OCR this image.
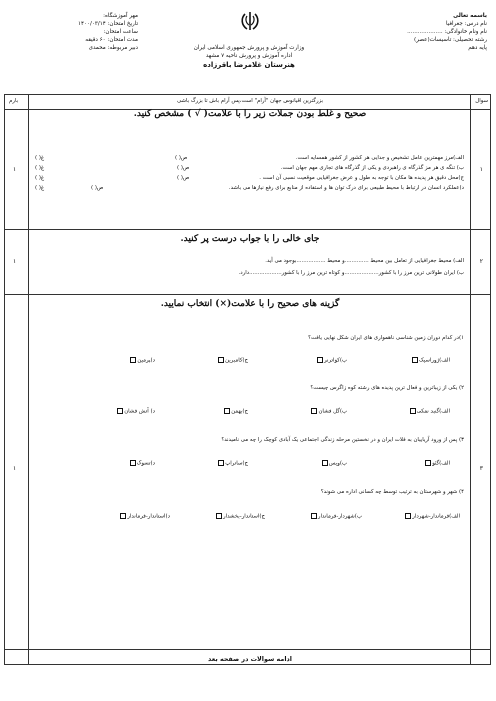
باسمه تعالی
نام درس: جغرافیا
نام ونام خانوادگی: ....................
رشته تحصیلی: تاسیسات(عصر)
پایه دهم
وزارت آموزش و پرورش جمهوری اسلامی ایران
اداره آموزش و پرورش ناحیه ۷ مشهد
هنرستان غلامرضا باقرزاده
مهر آموزشگاه:
تاریخ امتحان: ۱۴۰۰/۰۳/۱۴
ساعت امتحان:
مدت امتحان: ۶۰ دقیقه
دبیر مربوطه: محمدی
سوال
بارم	بزرگترین اقیانوس جهان "آرام" است،پس آرام باش تا بزرگ باشی
صحیح و غلط بودن جملات زیر را با علامت( √ ) مشخص کنید.
۱
۱
الف)مرز مهمترین عامل تشخیص و جدایی هر کشور از کشور همسایه است.
ب) تنگه ی هر مز گذرگاه ی راهبردی و یکی از گذرگاه های تجاری مهم جهان است.
ج)محل دقیق هر پدیده ها مکان با توجه به طول و عرض جغرافیایی موقعیت نسبی آن است .
د)عملکرد انسان در ارتباط با محیط طبیعی برای درک توان ها و استفاده از منابع برای رفع نیازها می باشد.
ص( )
ص( )
ص( )
ص( )
غ( )
غ( )
غ( )
غ( )
جای خالی را با جواب درست پر کنید.
۲
۱	الف) محیط جغرافیایی از تعامل بین محیط ..............و محیط .................بوجود می آید.
ب) ایران طولانی ترین مرز را با کشور....................و کوتاه ترین مرز را با کشور...................دارد.
گزینه های صحیح را با علامت(×) انتخاب نمایید.
۳
۱
۱)در کدام دوران زمین شناسی ناهمواری های ایران شکل نهایی یافت؟
الف)ژوراسیک
ب)کواترنر
ج)کامبرین
د)پرمین
۲) یکی از زیباترین و فعال ترین پدیده های رشته کوه زاگرس چیست؟
الف)گنبد نمکی
ب)گل فشان
ج)بهمن
د) آتش فشان
۳) پس از ورود آریاییان به فلات ایران و در نخستین مرحله زندگی اجتماعی یک آبادی کوچک را چه می نامیدند؟
الف)گئو
ب)ویس
ج)ساتراپ
د)تسوک
۴) شهر و شهرستان به ترتیب توسط چه کسانی اداره می شوند؟
الف)فرماندار-شهردار
ب)شهردار-فرماندار
ج)استاندار-بخشدار
د)استاندار-فرماندار
ادامه سوالات در صفحه بعد
